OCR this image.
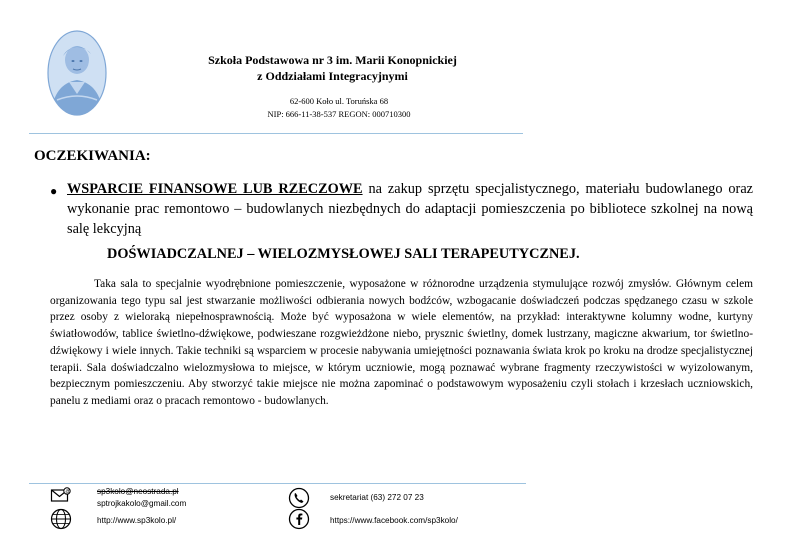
Szkoła Podstawowa nr 3 im. Marii Konopnickiej
z Oddziałami Integracyjnymi
62-600 Koło ul. Toruńska 68
NIP: 666-11-38-537 REGON: 000710300
OCZEKIWANIA:
● WSPARCIE FINANSOWE LUB RZECZOWE na zakup sprzętu specjalistycznego, materiału budowlanego oraz wykonanie prac remontowo – budowlanych niezbędnych do adaptacji pomieszczenia po bibliotece szkolnej na nową salę lekcyjną
DOŚWIADCZALNEJ – WIELOZMYSŁOWEJ SALI TERAPEUTYCZNEJ.
Taka sala to specjalnie wyodrębnione pomieszczenie, wyposażone w różnorodne urządzenia stymulujące rozwój zmysłów. Głównym celem organizowania tego typu sal jest stwarzanie możliwości odbierania nowych bodźców, wzbogacanie doświadczeń podczas spędzanego czasu w szkole przez osoby z wieloraką niepełnosprawnością. Może być wyposażona w wiele elementów, na przykład: interaktywne kolumny wodne, kurtyny światłowodów, tablice świetlno-dźwiękowe, podwieszane rozgwieżdżone niebo, prysznic świetlny, domek lustrzany, magiczne akwarium, tor świetlno-dźwiękowy i wiele innych. Takie techniki są wsparciem w procesie nabywania umiejętności poznawania świata krok po kroku na drodze specjalistycznej terapii. Sala doświadczalno wielozmysłowa to miejsce, w którym uczniowie, mogą poznawać wybrane fragmenty rzeczywistości w wyizolowanym, bezpiecznym pomieszczeniu. Aby stworzyć takie miejsce nie można zapominać o podstawowym wyposażeniu czyli stołach i krzesłach uczniowskich, panelu z mediami oraz o pracach remontowo - budowlanych.
@	sp3kolo@neostrada.pl
sptrojkakolo@gmail.com
sekretariat (63) 272 07 23
http://www.sp3kolo.pl/	https://www.facebook.com/sp3kolo/
